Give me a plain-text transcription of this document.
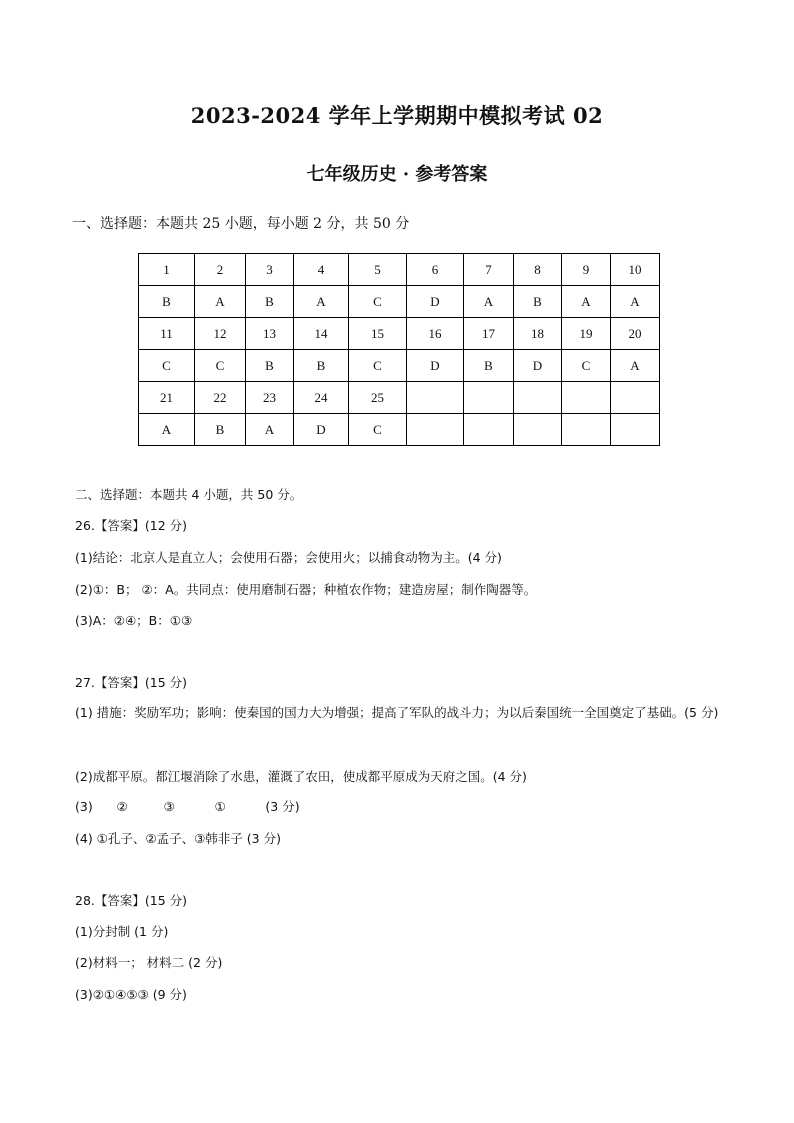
2023-2024 学年上学期期中模拟考试 02
七年级历史 · 参考答案
一、选择题：本题共 25 小题，每小题 2 分，共 50 分
1	2	3	4	5	6	7	8	9	10
B	A	B	A	C	D	A	B	A	A
11	12	13	14	15	16	17	18	19	20
C	C	B	B	C	D	B	D	C	A
21	22	23	24	25					
A	B	A	D	C					
二、选择题：本题共 4 小题，共 50 分。
26.【答案】(12 分)
(1)结论：北京人是直立人；会使用石器；会使用火；以捕食动物为主。(4 分)
(2)①：B； ②：A。共同点：使用磨制石器；种植农作物；建造房屋；制作陶器等。
(3)A：②④；B：①③
27.【答案】(15 分)
(1) 措施：奖励军功；影响：使秦国的国力大为增强；提高了军队的战斗力；为以后秦国统一全国奠定了基础。(5 分)
(2)成都平原。都江堰消除了水患，灌溉了农田，使成都平原成为天府之国。(4 分)
(3)      ②         ③          ①          (3 分)
(4) ①孔子、②孟子、③韩非子 (3 分)
28.【答案】(15 分)
(1)分封制 (1 分)
(2)材料一； 材料二 (2 分)
(3)②①④⑤③ (9 分)
